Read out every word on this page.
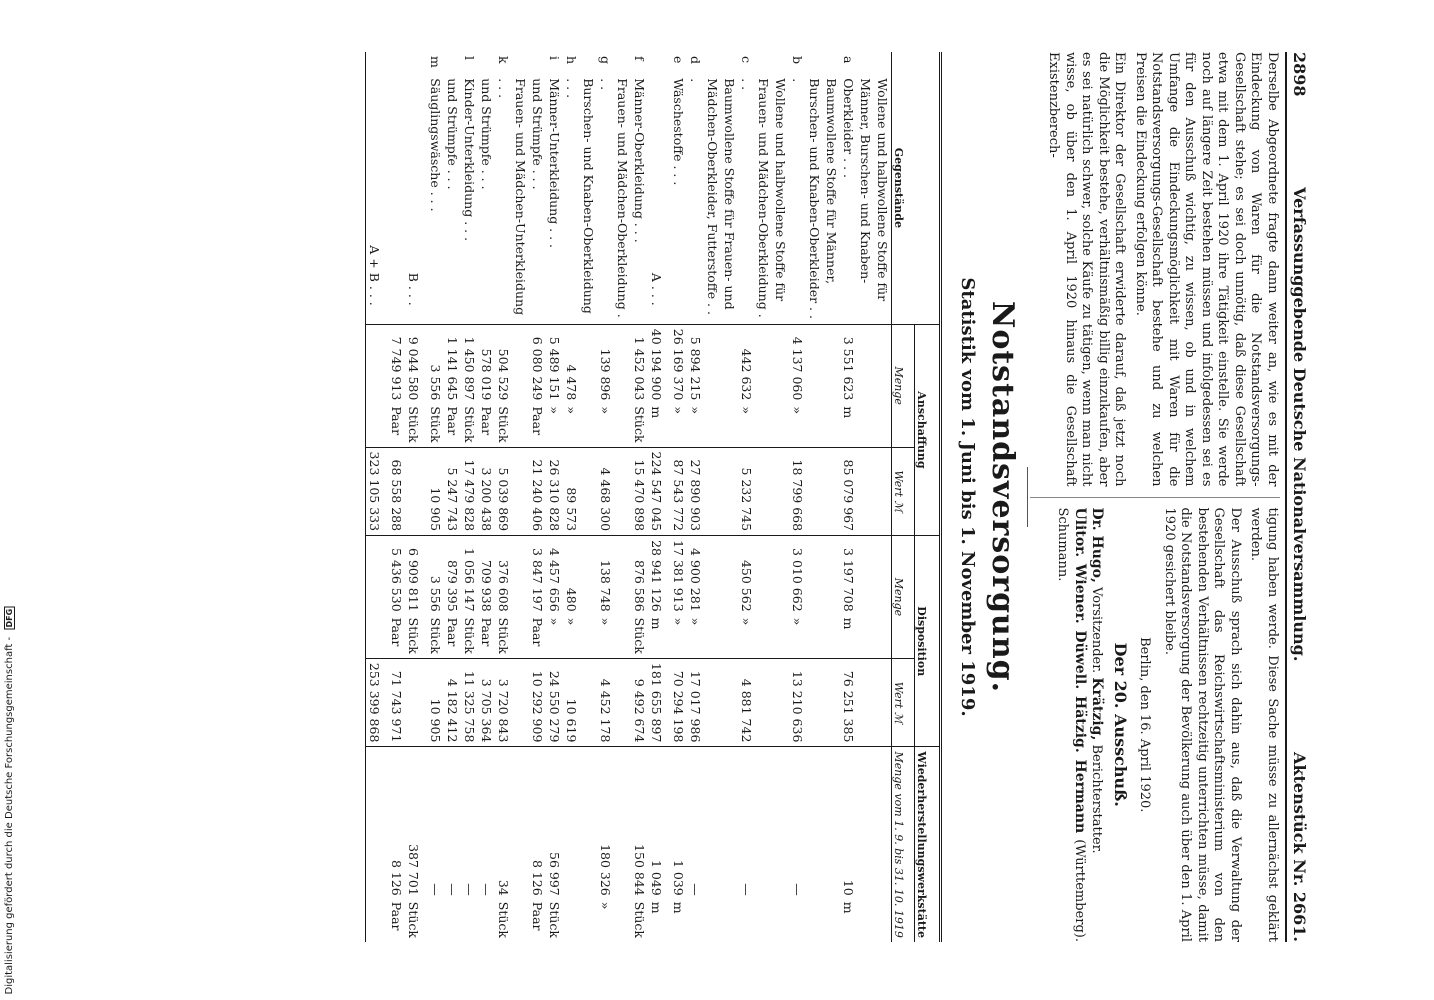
Digitalisierung gefördert durch die Deutsche Forschungsgemeinschaft - DFG
2898
Verfassunggebende Deutsche Nationalversammlung.
Aktenstück Nr. 2661.

Derselbe Abgeordnete fragte dann weiter an, wie es mit der Eindeckung von Waren für die Notstandsversorgungs-Gesellschaft stehe; es sei doch unnötig, daß diese Gesellschaft etwa mit dem 1. April 1920 ihre Tätigkeit einstelle. Sie werde noch auf längere Zeit bestehen müssen und infolgedessen sei es für den Ausschuß wichtig, zu wissen, ob und in welchem Umfange die Eindeckungsmöglichkeit mit Waren für die Notstandsversorgungs-Gesellschaft bestehe und zu welchen Preisen die Eindeckung erfolgen könne.

Ein Direktor der Gesellschaft erwiderte darauf, daß jetzt noch die Möglichkeit bestehe, verhältnismäßig billig einzukaufen, aber es sei natürlich schwer, solche Käufe zu tätigen, wenn man nicht wisse, ob über den 1. April 1920 hinaus die Gesellschaft Existenzberech-

tigung haben werde. Diese Sache müsse zu allernächst geklärt werden.

Der Ausschuß sprach sich dahin aus, daß die Verwaltung der Gesellschaft das Reichswirtschaftsministerium von den bestehenden Verhältnissen rechtzeitig unterrichten müsse, damit die Notstandsversorgung der Bevölkerung auch über den 1. April 1920 gesichert bleibe.

Berlin, den 16. April 1920.
Der 20. Ausschuß.
Dr. Hugo, Vorsitzender. Krätzig, Berichterstatter.
Ulitor. Wiener. Düwell. Hätzig. Hermann (Württemberg). Schumann.
Notstandsversorgung.
Statistik vom 1. Juni bis 1. November 1919.
Gegenstände		Anschaffung			Disposition			Wiederherstellungswerkstätte	
		Menge		Wert ℳ	Menge		Wert ℳ	Menge vom 1. 9. bis 31. 10. 1919	
a	Wollene und halbwollene Stoffe für Männer, Burschen- und Knaben-Oberkleider . . .	3 551 623	m	85 079 967	3 197 708	m	76 251 385	10	m
b	Baumwollene Stoffe für Männer, Burschen- und Knaben-Oberkleider . . .	4 137 060	»	18 799 668	3 010 662	»	13 210 636	—	
c	Wollene und halbwollene Stoffe für Frauen- und Mädchen-Oberkleidung . . .	442 632	»	5 232 745	450 562	»	4 881 742	—	
d	Baumwollene Stoffe für Frauen- und Mädchen-Oberkleider, Futterstoffe . . .	5 894 215	»	27 890 903	4 900 281	»	17 017 986	—	
e	Wäschestoffe . . .	26 169 370	»	87 543 772	17 381 913	»	70 294 198	1 039	m
	A . . .	40 194 900	m	224 547 045	28 941 126	m	181 655 897	1 049	m
f	Männer-Oberkleidung . . .	1 452 043	Stück	15 470 898	876 586	Stück	9 492 674	150 844	Stück
g	Frauen- und Mädchen-Oberkleidung . . .	139 896	»	4 468 300	138 748	»	4 452 178	180 326	»
h	Burschen- und Knaben-Oberkleidung . . .	4 478	»	89 573	480	»	10 619		
i	Männer-Unterkleidung . . .	5 489 151	»	26 310 828	4 457 656	»	24 550 279	56 997	Stück
	und Strümpfe . . .	6 080 249	Paar	21 240 406	3 847 197	Paar	10 292 909	8 126	Paar
k	Frauen- und Mädchen-Unterkleidung . . .	504 529	Stück	5 039 869	376 608	Stück	3 720 843	34	Stück
	und Strümpfe . . .	578 019	Paar	3 200 438	709 938	Paar	3 705 364	—	
l	Kinder-Unterkleidung . . .	1 450 897	Stück	17 479 828	1 056 147	Stück	11 325 758	—	
	und Strümpfe . . .	1 141 645	Paar	5 247 743	879 395	Paar	4 182 412	—	
m	Säuglingswäsche . . .	3 556	Stück	10 905	3 556	Stück	10 905	—	
	B . . .	9 044 580	Stück	68 558 288	6 909 811	Stück	71 743 971	387 701	Stück
		7 749 913	Paar		5 436 530	Paar		8 126	Paar
	A + B . . .			323 105 333			253 399 868		
